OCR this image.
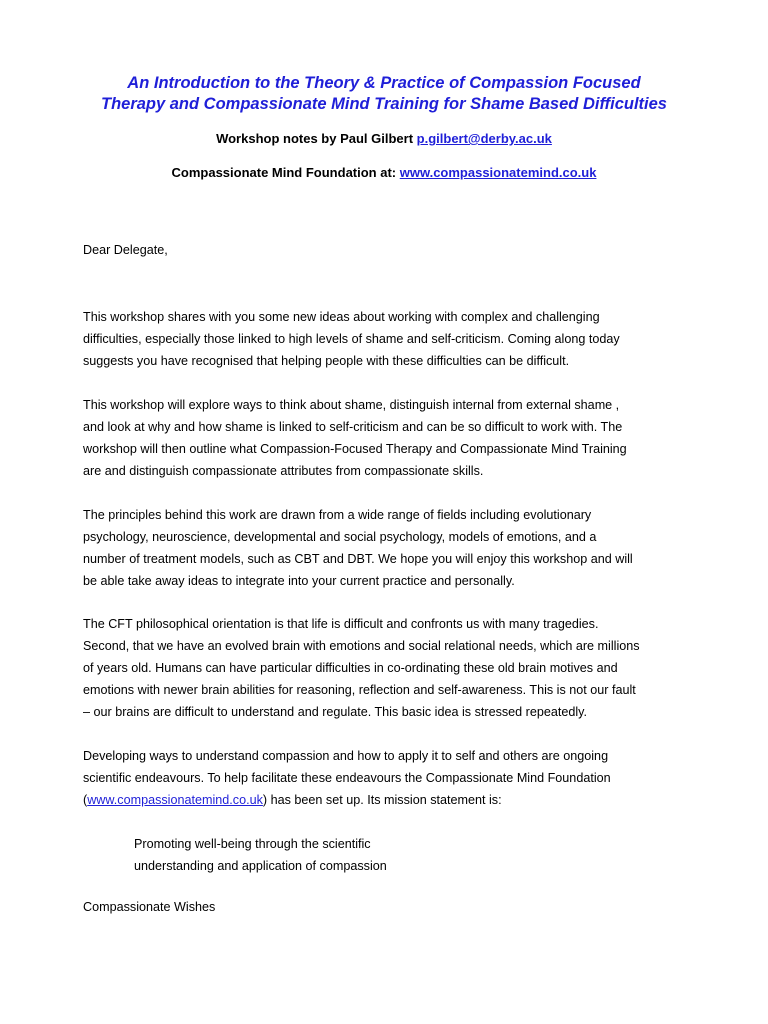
An Introduction to the Theory & Practice of Compassion Focused

Therapy and Compassionate Mind Training for Shame Based Difficulties

Workshop notes by Paul Gilbert p.gilbert@derby.ac.uk

Compassionate Mind Foundation at: www.compassionatemind.co.uk

Dear Delegate,

This workshop shares with you some new ideas about working with complex and challenging
difficulties, especially those linked to high levels of shame and self-criticism. Coming along today
suggests you have recognised that helping people with these difficulties can be difficult.

This workshop will explore ways to think about shame, distinguish internal from external shame ,
and look at why and how shame is linked to self-criticism and can be so difficult to work with. The
workshop will then outline what Compassion-Focused Therapy and Compassionate Mind Training
are and distinguish compassionate attributes from compassionate skills.

The principles behind this work are drawn from a wide range of fields including evolutionary
psychology, neuroscience, developmental and social psychology, models of emotions, and a
number of treatment models, such as CBT and DBT. We hope you will enjoy this workshop and will
be able take away ideas to integrate into your current practice and personally.

The CFT philosophical orientation is that life is difficult and confronts us with many tragedies.
Second, that we have an evolved brain with emotions and social relational needs, which are millions
of years old. Humans can have particular difficulties in co-ordinating these old brain motives and
emotions with newer brain abilities for reasoning, reflection and self-awareness. This is not our fault
– our brains are difficult to understand and regulate. This basic idea is stressed repeatedly.

Developing ways to understand compassion and how to apply it to self and others are ongoing
scientific endeavours. To help facilitate these endeavours the Compassionate Mind Foundation
(www.compassionatemind.co.uk) has been set up. Its mission statement is:

Promoting well-being through the scientific
understanding and application of compassion

Compassionate Wishes
